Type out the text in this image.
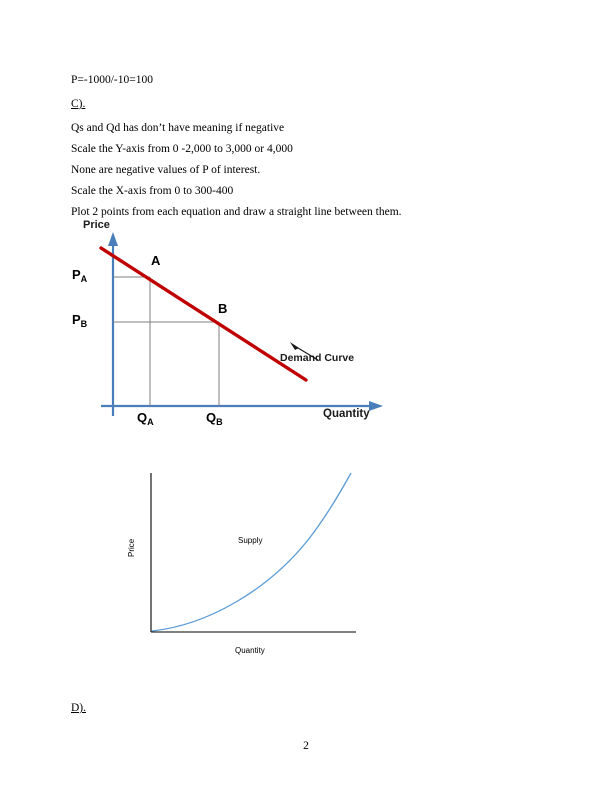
P=-1000/-10=100
C).
Qs and Qd has don’t have meaning if negative
Scale the Y-axis from 0 -2,000 to 3,000 or 4,000
None are negative values of P of interest.
Scale the X-axis from 0 to 300-400
Plot 2 points from each equation and draw a straight line between them.
Price
Quantity
A
B
$P_A$
$P_B$
$Q_A$	$Q_B$
Demand Curve
Supply
Quantity
Price
D).
2
